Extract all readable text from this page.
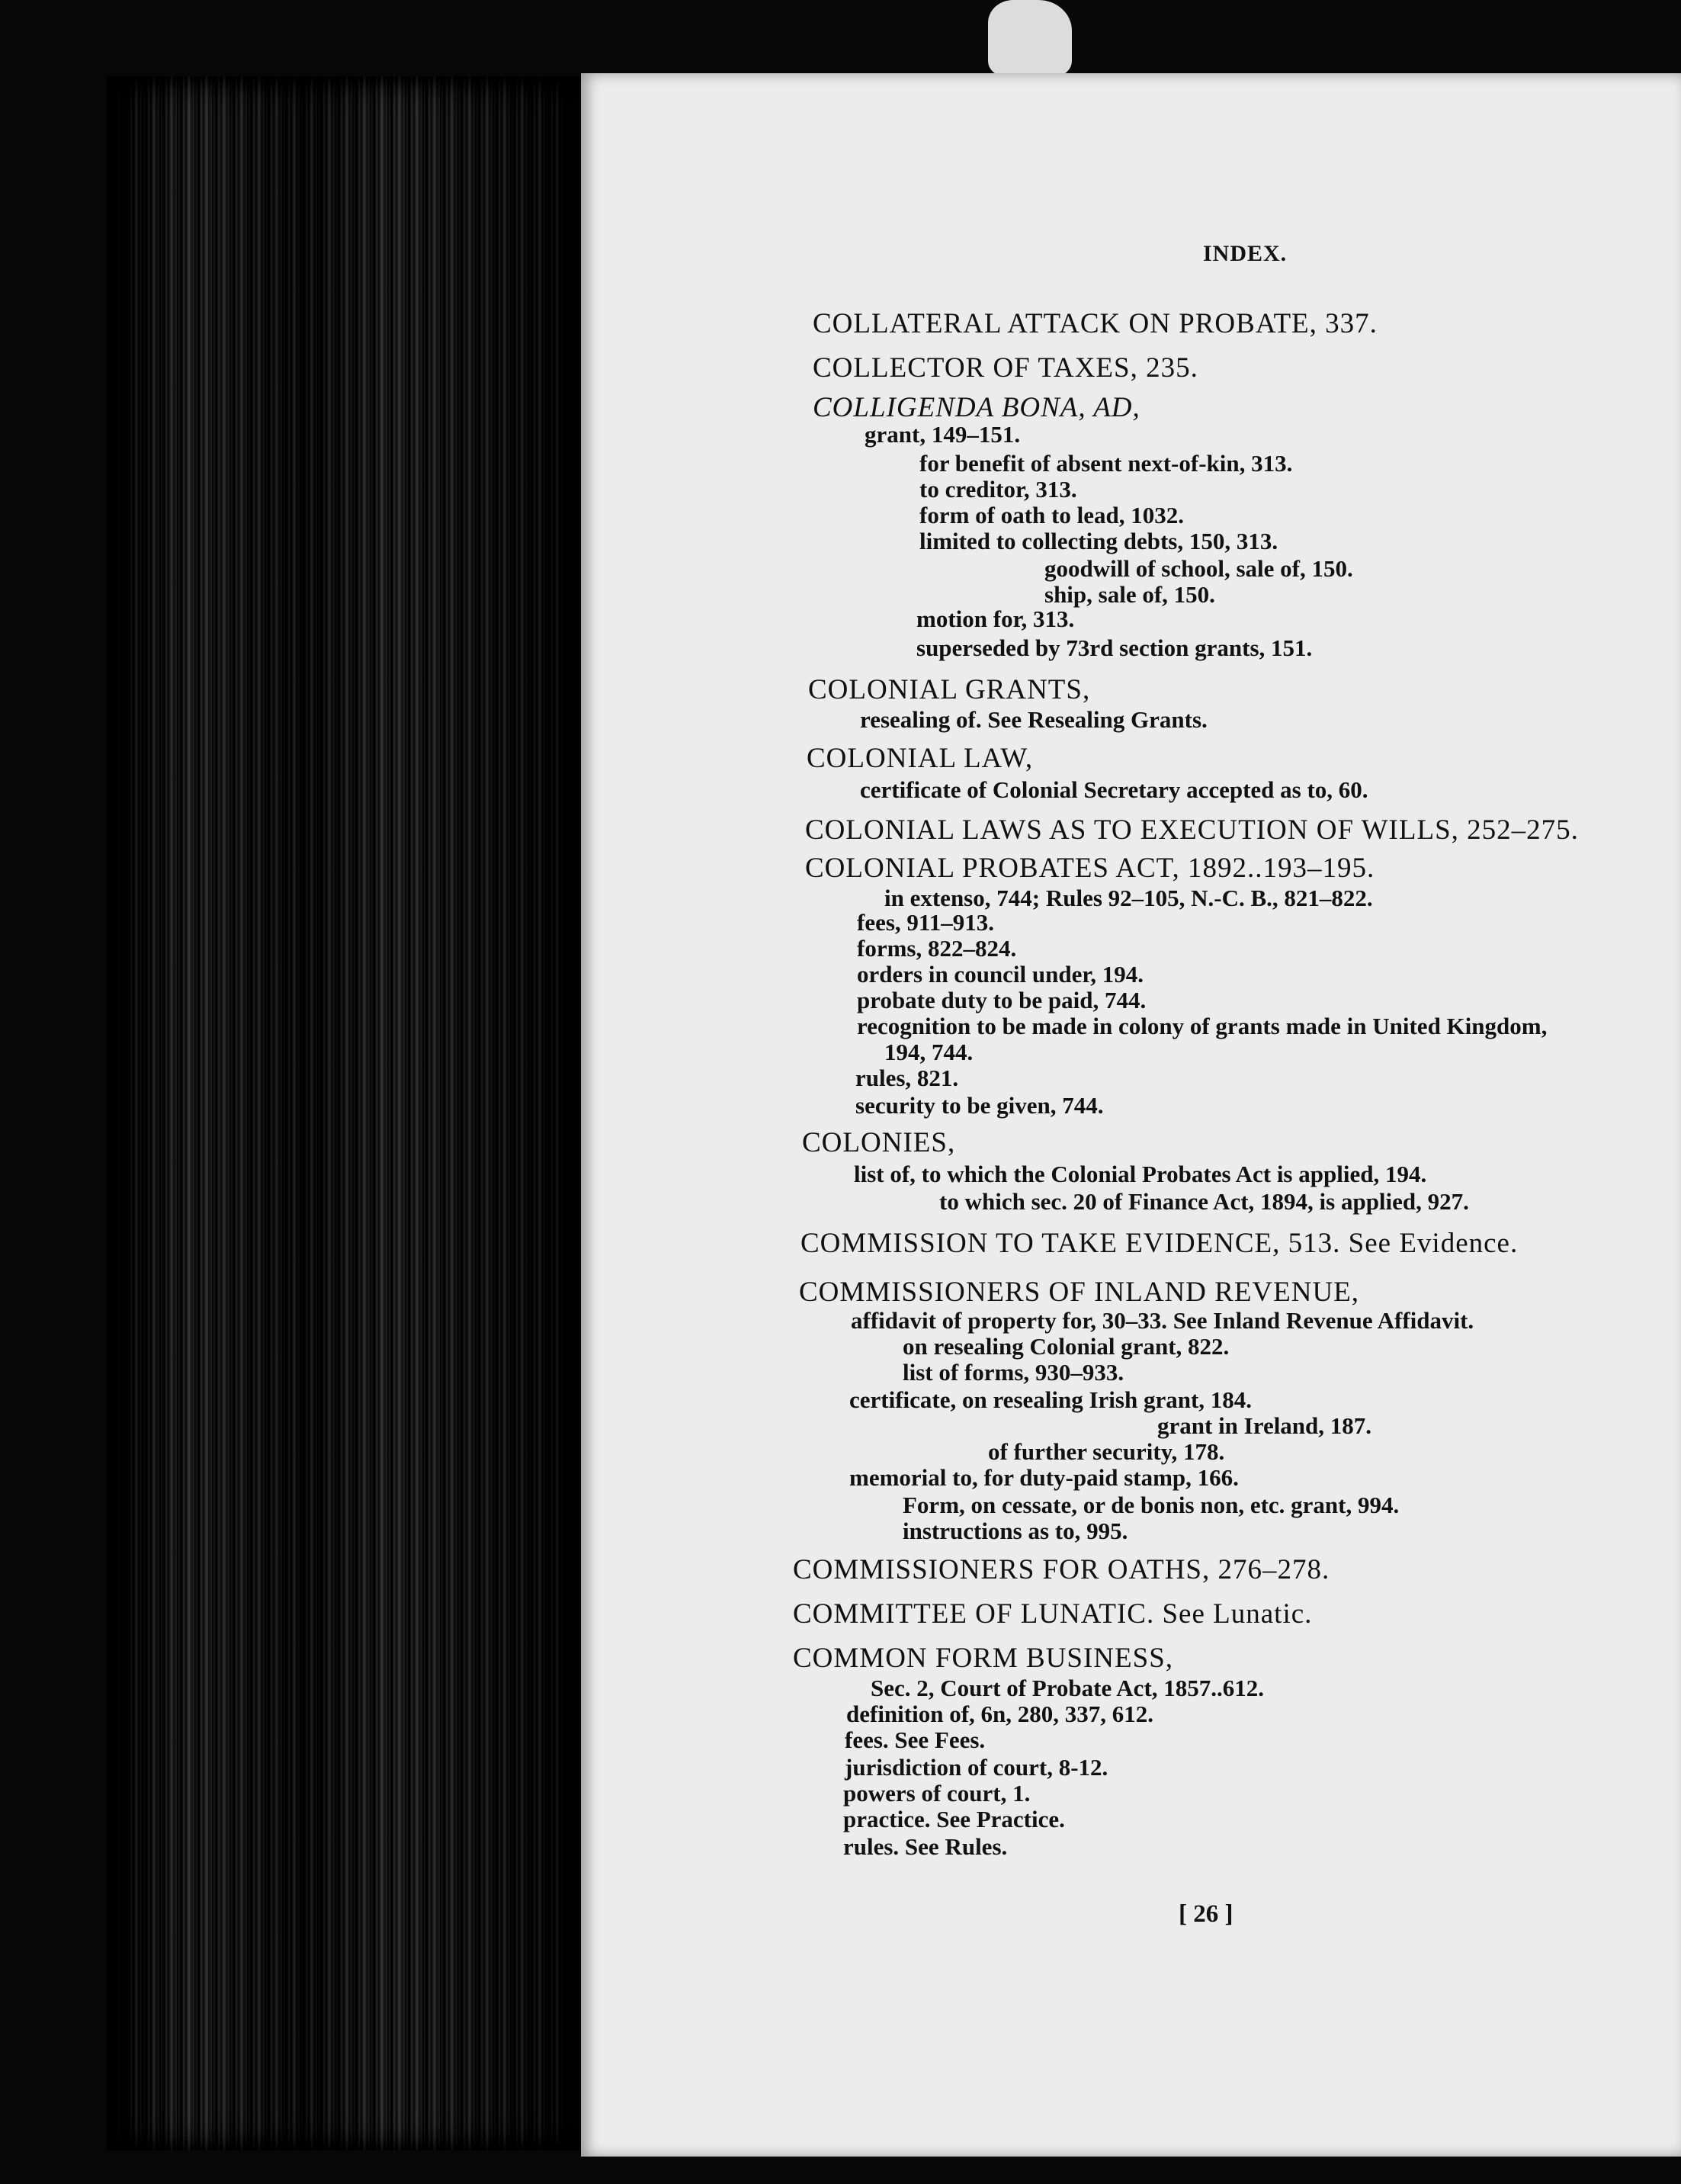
INDEX.
COLLATERAL ATTACK ON PROBATE, 337.
COLLECTOR OF TAXES, 235.
COLLIGENDA BONA, AD,
grant, 149–151.
for benefit of absent next-of-kin, 313.
to creditor, 313.
form of oath to lead, 1032.
limited to collecting debts, 150, 313.
goodwill of school, sale of, 150.
ship, sale of, 150.
motion for, 313.
superseded by 73rd section grants, 151.
COLONIAL GRANTS,
resealing of. See Resealing Grants.
COLONIAL LAW,
certificate of Colonial Secretary accepted as to, 60.
COLONIAL LAWS AS TO EXECUTION OF WILLS, 252–275.
COLONIAL PROBATES ACT, 1892..193–195.
in extenso, 744; Rules 92–105, N.-C. B., 821–822.
fees, 911–913.
forms, 822–824.
orders in council under, 194.
probate duty to be paid, 744.
recognition to be made in colony of grants made in United Kingdom,
194, 744.
rules, 821.
security to be given, 744.
COLONIES,
list of, to which the Colonial Probates Act is applied, 194.
to which sec. 20 of Finance Act, 1894, is applied, 927.
COMMISSION TO TAKE EVIDENCE, 513. See Evidence.
COMMISSIONERS OF INLAND REVENUE,
affidavit of property for, 30–33. See Inland Revenue Affidavit.
on resealing Colonial grant, 822.
list of forms, 930–933.
certificate, on resealing Irish grant, 184.
grant in Ireland, 187.
of further security, 178.
memorial to, for duty-paid stamp, 166.
Form, on cessate, or de bonis non, etc. grant, 994.
instructions as to, 995.
COMMISSIONERS FOR OATHS, 276–278.
COMMITTEE OF LUNATIC. See Lunatic.
COMMON FORM BUSINESS,
Sec. 2, Court of Probate Act, 1857..612.
definition of, 6n, 280, 337, 612.
fees. See Fees.
jurisdiction of court, 8-12.
powers of court, 1.
practice. See Practice.
rules. See Rules.
[ 26 ]
